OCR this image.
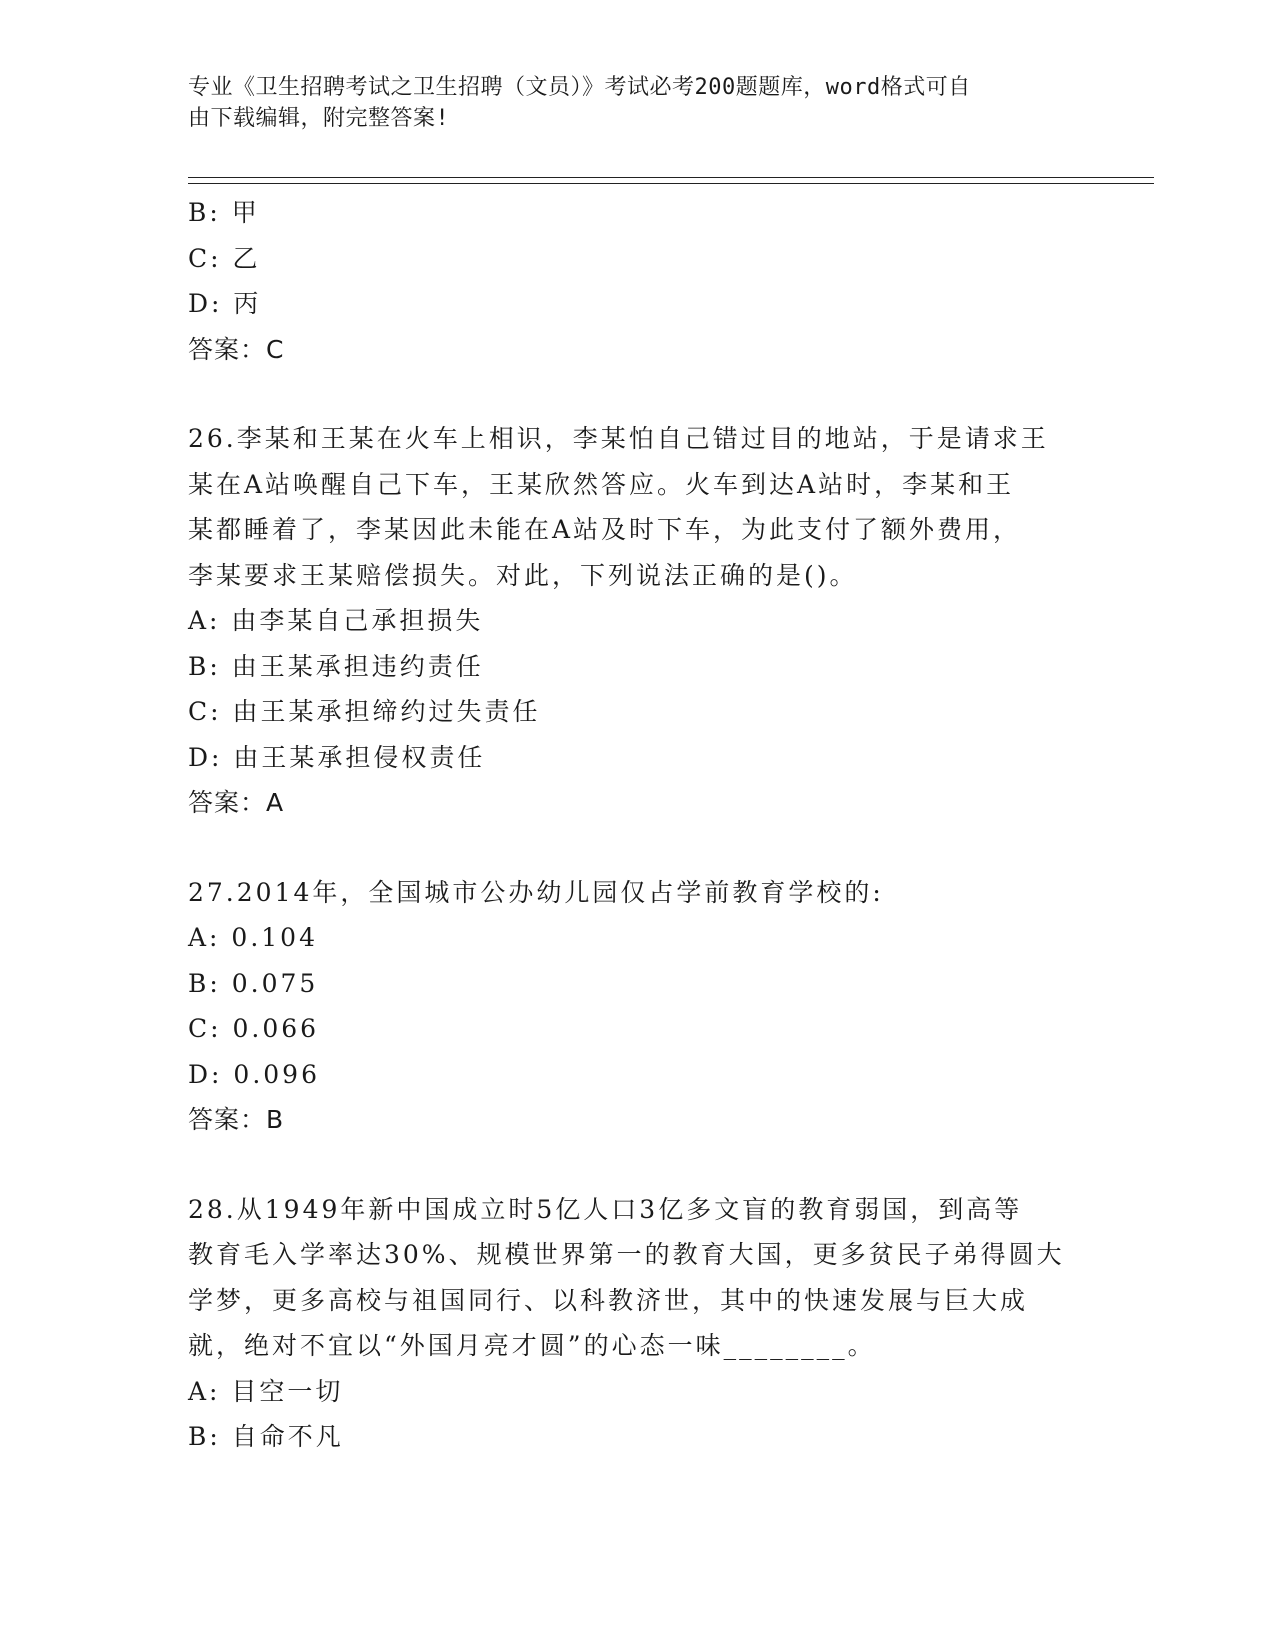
专业《卫生招聘考试之卫生招聘（文员）》考试必考200题题库，word格式可自
由下载编辑，附完整答案!
B: 甲
C: 乙
D: 丙
答案：C
26.李某和王某在火车上相识，李某怕自己错过目的地站，于是请求王
某在A站唤醒自己下车，王某欣然答应。火车到达A站时，李某和王
某都睡着了，李某因此未能在A站及时下车，为此支付了额外费用，
李某要求王某赔偿损失。对此，下列说法正确的是()。
A: 由李某自己承担损失
B: 由王某承担违约责任
C: 由王某承担缔约过失责任
D: 由王某承担侵权责任
答案：A
27.2014年，全国城市公办幼儿园仅占学前教育学校的:
A: 0.104
B: 0.075
C: 0.066
D: 0.096
答案：B
28.从1949年新中国成立时5亿人口3亿多文盲的教育弱国，到高等
教育毛入学率达30%、规模世界第一的教育大国，更多贫民子弟得圆大
学梦，更多高校与祖国同行、以科教济世，其中的快速发展与巨大成
就，绝对不宜以“外国月亮才圆”的心态一味________。
A: 目空一切
B: 自命不凡
